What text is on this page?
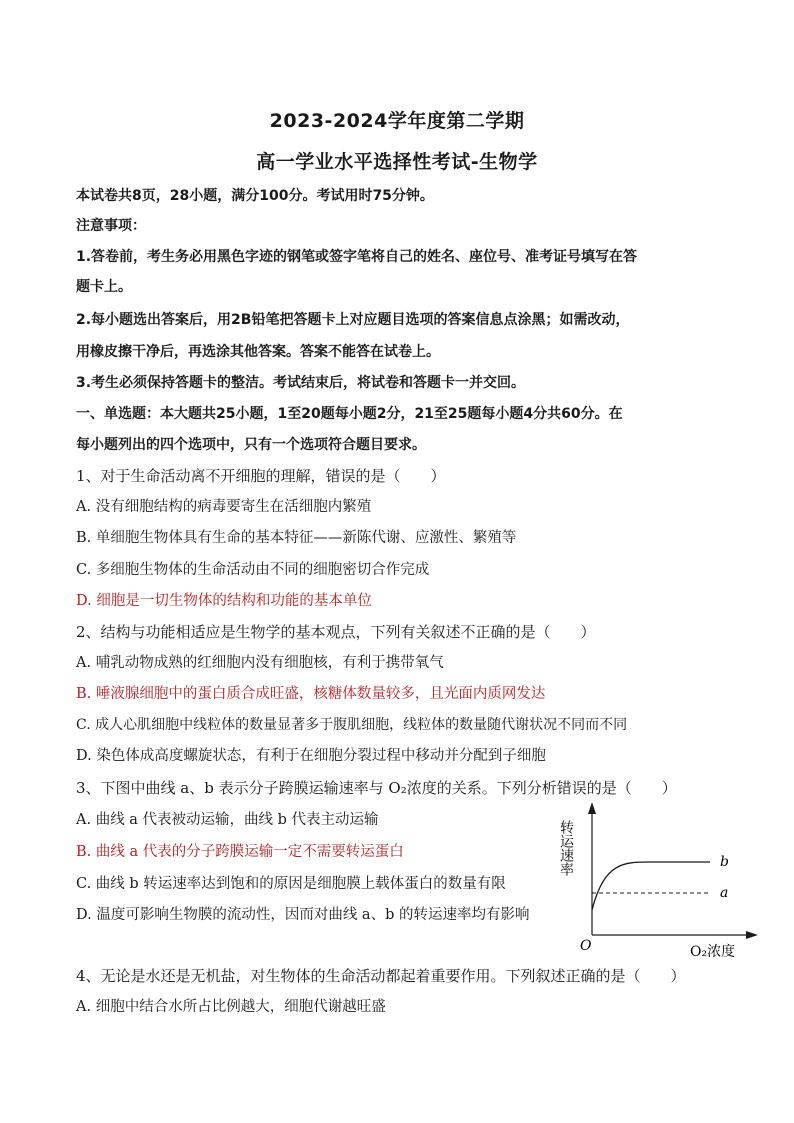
2023-2024学年度第二学期
高一学业水平选择性考试-生物学
本试卷共8页，28小题，满分100分。考试用时75分钟。
注意事项：
1.答卷前，考生务必用黑色字迹的钢笔或签字笔将自己的姓名、座位号、准考证号填写在答
题卡上。
2.每小题选出答案后，用2B铅笔把答题卡上对应题目选项的答案信息点涂黑；如需改动，
用橡皮擦干净后，再选涂其他答案。答案不能答在试卷上。
3.考生必须保持答题卡的整洁。考试结束后，将试卷和答题卡一并交回。
一、单选题：本大题共25小题，1至20题每小题2分，21至25题每小题4分共60分。在
每小题列出的四个选项中，只有一个选项符合题目要求。
1、对于生命活动离不开细胞的理解，错误的是（　　）
A. 没有细胞结构的病毒要寄生在活细胞内繁殖
B. 单细胞生物体具有生命的基本特征——新陈代谢、应激性、繁殖等
C. 多细胞生物体的生命活动由不同的细胞密切合作完成
D. 细胞是一切生物体的结构和功能的基本单位
2、结构与功能相适应是生物学的基本观点，下列有关叙述不正确的是（　　）
A. 哺乳动物成熟的红细胞内没有细胞核，有利于携带氧气
B. 唾液腺细胞中的蛋白质合成旺盛，核糖体数量较多，且光面内质网发达
C. 成人心肌细胞中线粒体的数量显著多于腹肌细胞，线粒体的数量随代谢状况不同而不同
D. 染色体成高度螺旋状态，有利于在细胞分裂过程中移动并分配到子细胞
3、下图中曲线 a、b 表示分子跨膜运输速率与 O₂浓度的关系。下列分析错误的是（　　）
A. 曲线 a 代表被动运输，曲线 b 代表主动运输
B. 曲线 a 代表的分子跨膜运输一定不需要转运蛋白
C. 曲线 b 转运速率达到饱和的原因是细胞膜上载体蛋白的数量有限
D. 温度可影响生物膜的流动性，因而对曲线 a、b 的转运速率均有影响
转运速率
O₂浓度
O
b
a
4、无论是水还是无机盐，对生物体的生命活动都起着重要作用。下列叙述正确的是（　　）
A. 细胞中结合水所占比例越大，细胞代谢越旺盛
